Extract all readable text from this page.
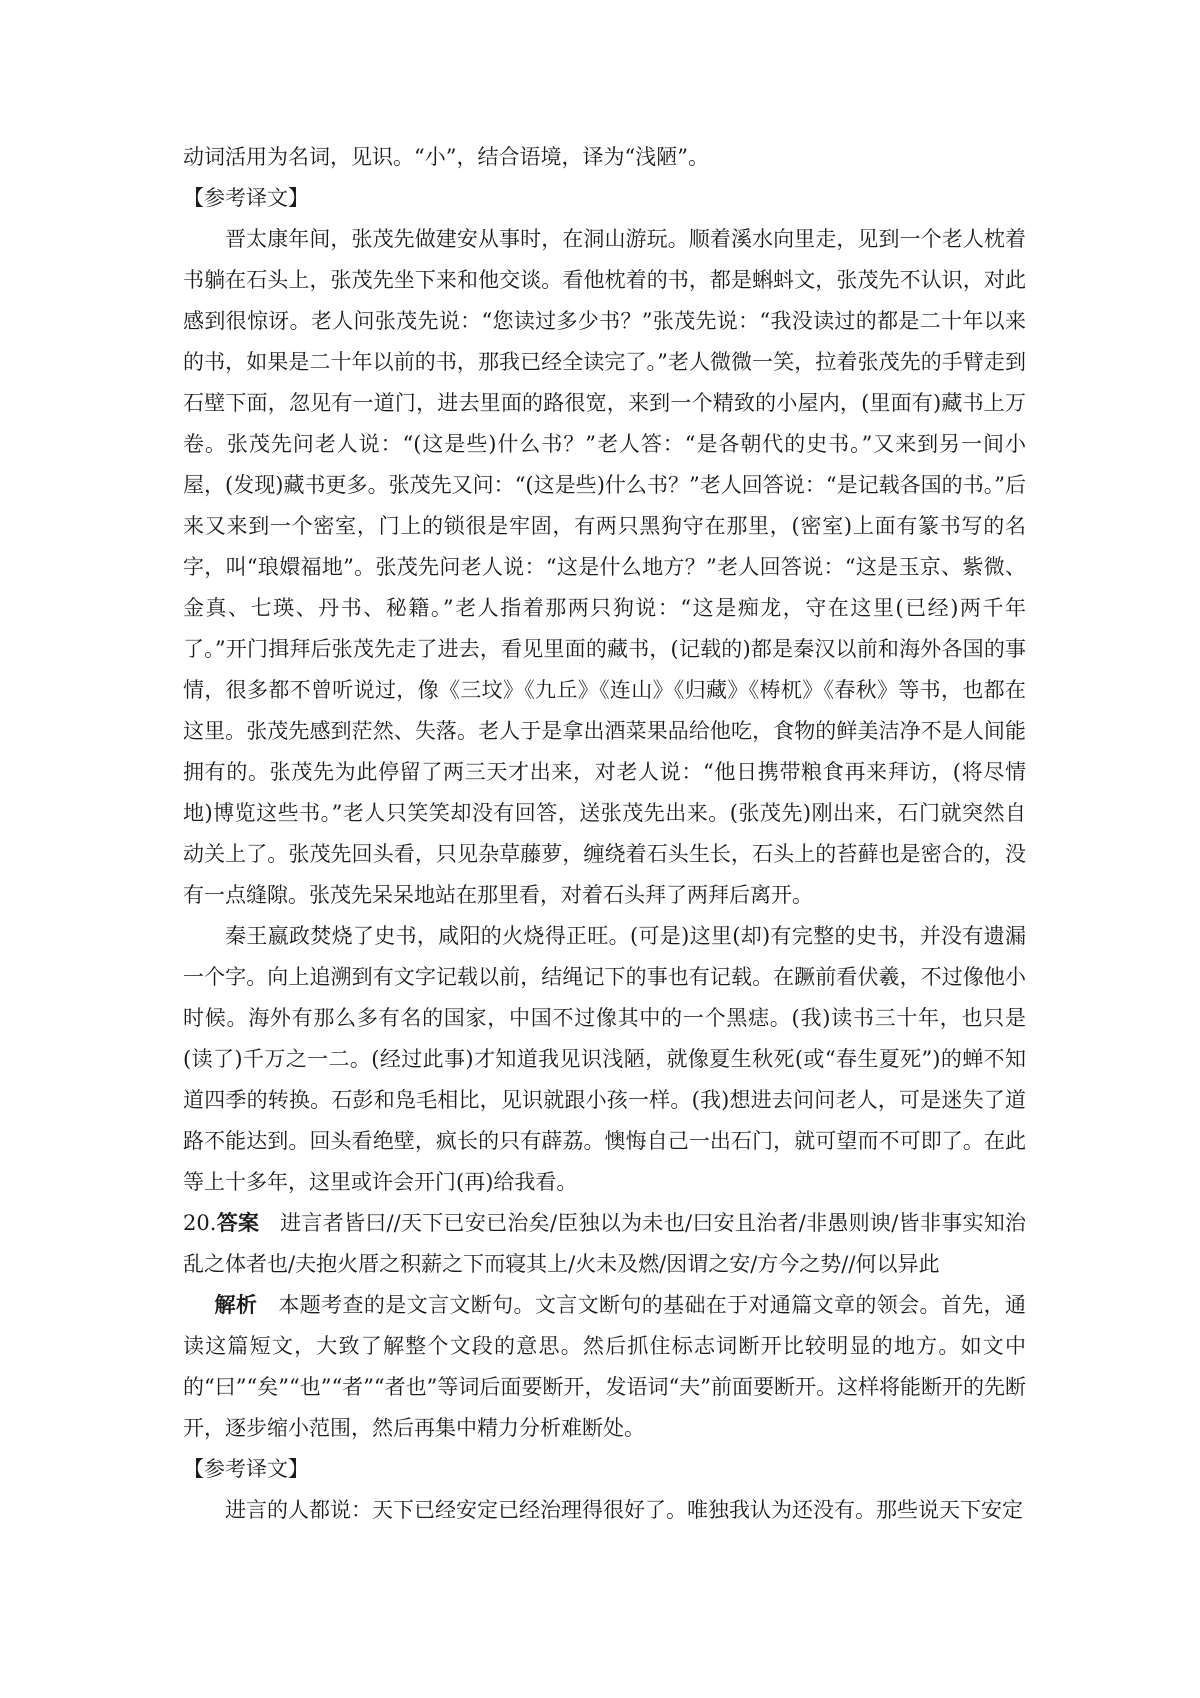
动词活用为名词，见识。“小”，结合语境，译为“浅陋”。

【参考译文】

晋太康年间，张茂先做建安从事时，在洞山游玩。顺着溪水向里走，见到一个老人枕着书躺在石头上，张茂先坐下来和他交谈。看他枕着的书，都是蝌蚪文，张茂先不认识，对此感到很惊讶。老人问张茂先说：“您读过多少书？”张茂先说：“我没读过的都是二十年以来的书，如果是二十年以前的书，那我已经全读完了。”老人微微一笑，拉着张茂先的手臂走到石壁下面，忽见有一道门，进去里面的路很宽，来到一个精致的小屋内，(里面有)藏书上万卷。张茂先问老人说：“(这是些)什么书？”老人答：“是各朝代的史书。”又来到另一间小屋，(发现)藏书更多。张茂先又问：“(这是些)什么书？”老人回答说：“是记载各国的书。”后来又来到一个密室，门上的锁很是牢固，有两只黑狗守在那里，(密室)上面有篆书写的名字，叫“琅嬛福地”。张茂先问老人说：“这是什么地方？”老人回答说：“这是玉京、紫微、金真、七瑛、丹书、秘籍。”老人指着那两只狗说：“这是痴龙，守在这里(已经)两千年了。”开门揖拜后张茂先走了进去，看见里面的藏书，(记载的)都是秦汉以前和海外各国的事情，很多都不曾听说过，像《三坟》《九丘》《连山》《归藏》《梼杌》《春秋》等书，也都在这里。张茂先感到茫然、失落。老人于是拿出酒菜果品给他吃，食物的鲜美洁净不是人间能拥有的。张茂先为此停留了两三天才出来，对老人说：“他日携带粮食再来拜访，(将尽情地)博览这些书。”老人只笑笑却没有回答，送张茂先出来。(张茂先)刚出来，石门就突然自动关上了。张茂先回头看，只见杂草藤萝，缠绕着石头生长，石头上的苔藓也是密合的，没有一点缝隙。张茂先呆呆地站在那里看，对着石头拜了两拜后离开。

秦王嬴政焚烧了史书，咸阳的火烧得正旺。(可是)这里(却)有完整的史书，并没有遗漏一个字。向上追溯到有文字记载以前，结绳记下的事也有记载。在蹶前看伏羲，不过像他小时候。海外有那么多有名的国家，中国不过像其中的一个黑痣。(我)读书三十年，也只是(读了)千万之一二。(经过此事)才知道我见识浅陋，就像夏生秋死(或“春生夏死”)的蝉不知道四季的转换。石彭和凫毛相比，见识就跟小孩一样。(我)想进去问问老人，可是迷失了道路不能达到。回头看绝壁，疯长的只有薜荔。懊悔自己一出石门，就可望而不可即了。在此等上十多年，这里或许会开门(再)给我看。

20.答案 进言者皆曰//天下已安已治矣/臣独以为未也/曰安且治者/非愚则谀/皆非事实知治乱之体者也/夫抱火厝之积薪之下而寝其上/火未及燃/因谓之安/方今之势//何以异此

解析 本题考查的是文言文断句。文言文断句的基础在于对通篇文章的领会。首先，通读这篇短文，大致了解整个文段的意思。然后抓住标志词断开比较明显的地方。如文中的“曰”“矣”“也”“者”“者也”等词后面要断开，发语词“夫”前面要断开。这样将能断开的先断开，逐步缩小范围，然后再集中精力分析难断处。

【参考译文】

进言的人都说：天下已经安定已经治理得很好了。唯独我认为还没有。那些说天下安定
